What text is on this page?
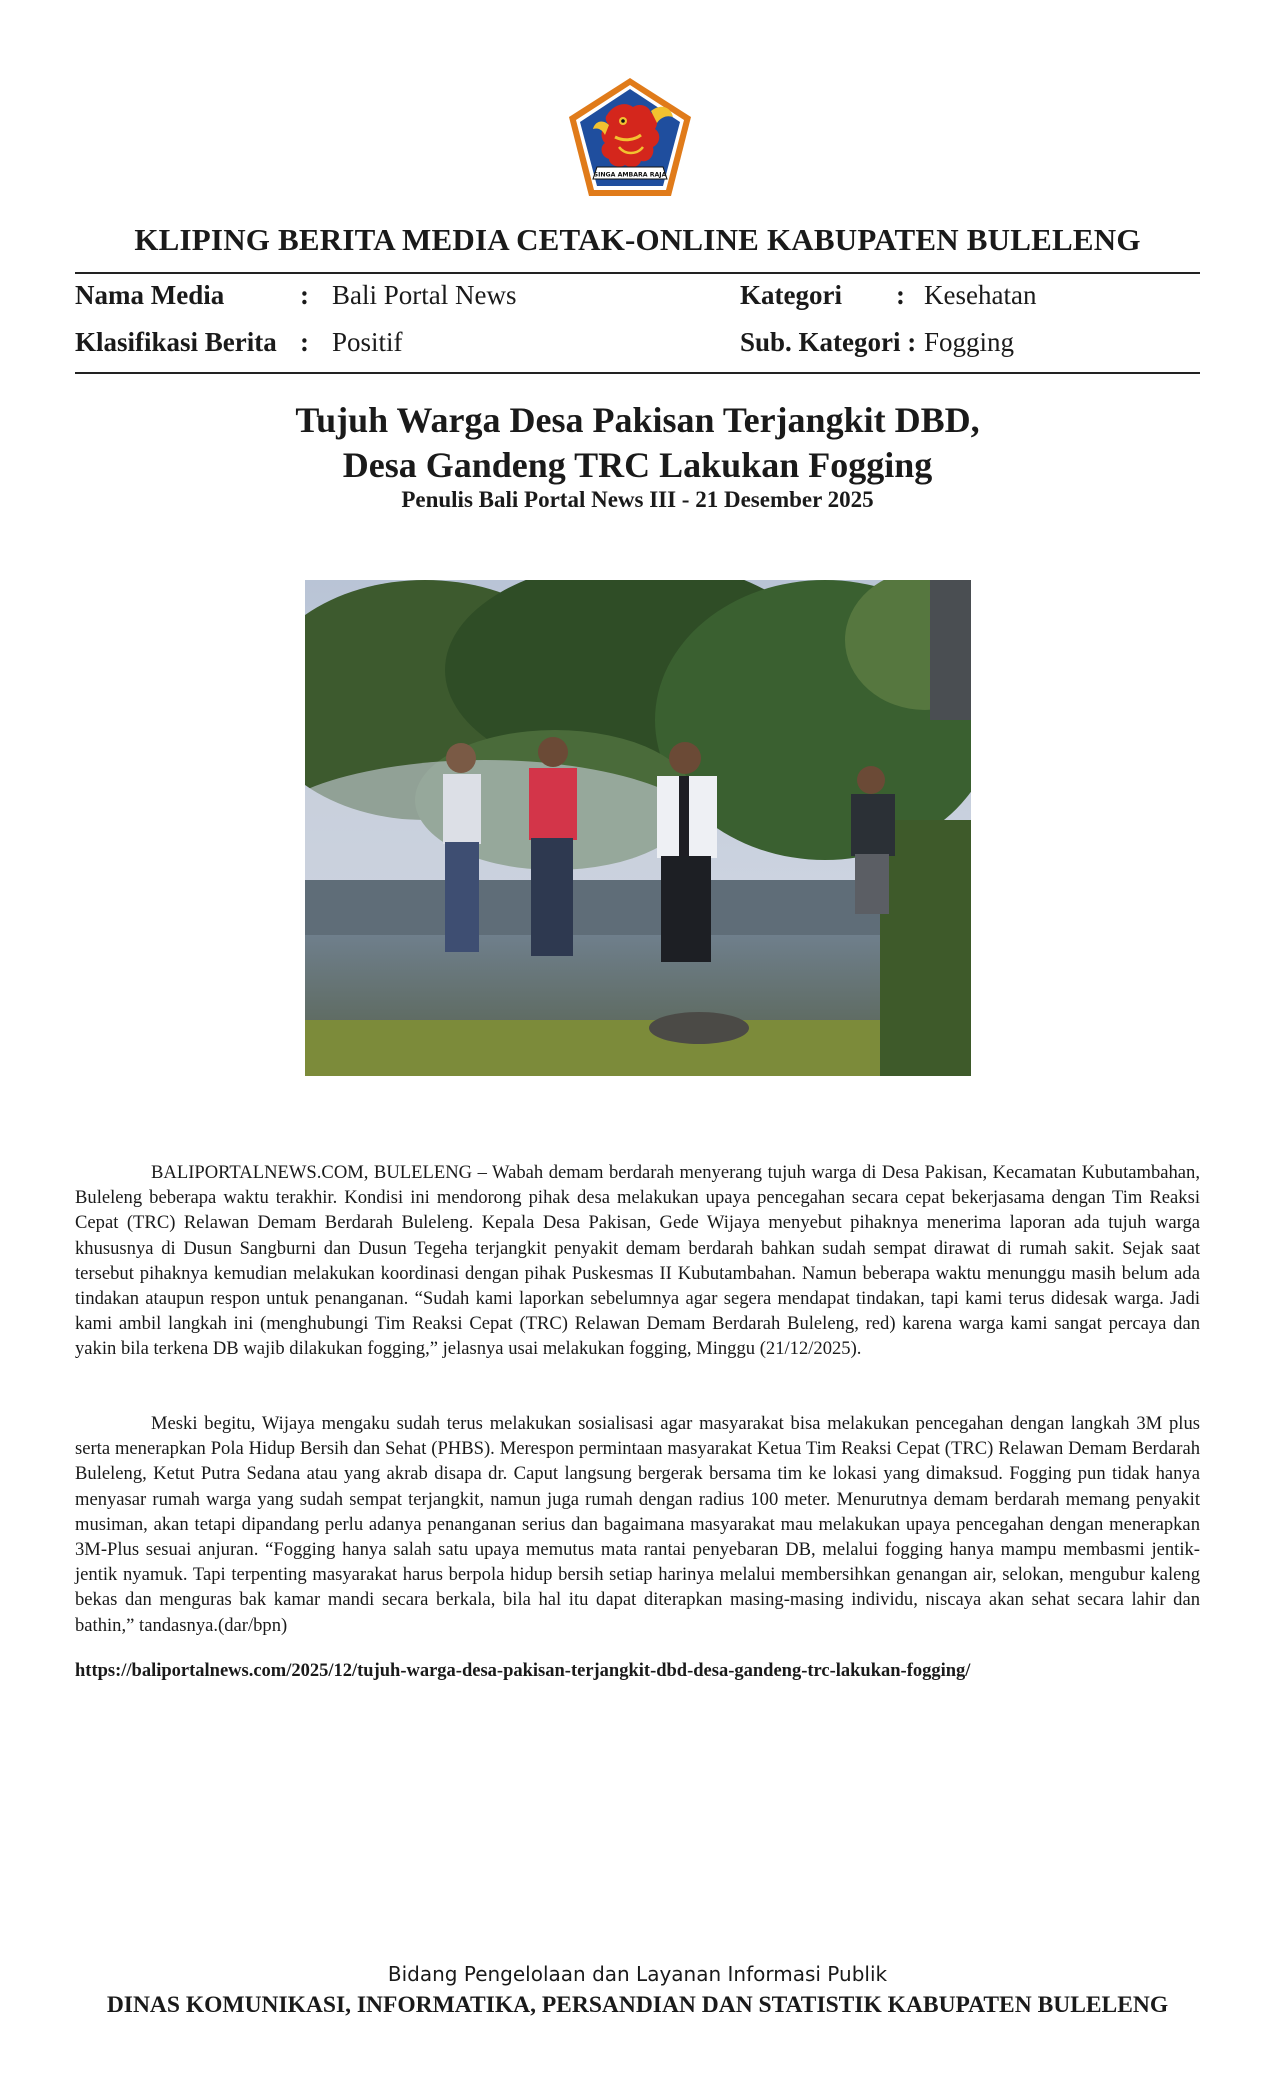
SINGA AMBARA RAJA
KLIPING BERITA MEDIA CETAK-ONLINE KABUPATEN BULELENG
Nama Media	: Bali Portal News	Kategori : Kesehatan
Klasifikasi Berita : Positif	Sub. Kategori : Fogging
Tujuh Warga Desa Pakisan Terjangkit DBD,
Desa Gandeng TRC Lakukan Fogging
Penulis Bali Portal News III - 21 Desember 2025

BALIPORTALNEWS.COM, BULELENG – Wabah demam berdarah menyerang tujuh warga di Desa Pakisan, Kecamatan Kubutambahan, Buleleng beberapa waktu terakhir. Kondisi ini mendorong pihak desa melakukan upaya pencegahan secara cepat bekerjasama dengan Tim Reaksi Cepat (TRC) Relawan Demam Berdarah Buleleng. Kepala Desa Pakisan, Gede Wijaya menyebut pihaknya menerima laporan ada tujuh warga khususnya di Dusun Sangburni dan Dusun Tegeha terjangkit penyakit demam berdarah bahkan sudah sempat dirawat di rumah sakit. Sejak saat tersebut pihaknya kemudian melakukan koordinasi dengan pihak Puskesmas II Kubutambahan. Namun beberapa waktu menunggu masih belum ada tindakan ataupun respon untuk penanganan. “Sudah kami laporkan sebelumnya agar segera mendapat tindakan, tapi kami terus didesak warga. Jadi kami ambil langkah ini (menghubungi Tim Reaksi Cepat (TRC) Relawan Demam Berdarah Buleleng, red) karena warga kami sangat percaya dan yakin bila terkena DB wajib dilakukan fogging,” jelasnya usai melakukan fogging, Minggu (21/12/2025).

Meski begitu, Wijaya mengaku sudah terus melakukan sosialisasi agar masyarakat bisa melakukan pencegahan dengan langkah 3M plus serta menerapkan Pola Hidup Bersih dan Sehat (PHBS). Merespon permintaan masyarakat Ketua Tim Reaksi Cepat (TRC) Relawan Demam Berdarah Buleleng, Ketut Putra Sedana atau yang akrab disapa dr. Caput langsung bergerak bersama tim ke lokasi yang dimaksud. Fogging pun tidak hanya menyasar rumah warga yang sudah sempat terjangkit, namun juga rumah dengan radius 100 meter. Menurutnya demam berdarah memang penyakit musiman, akan tetapi dipandang perlu adanya penanganan serius dan bagaimana masyarakat mau melakukan upaya pencegahan dengan menerapkan 3M-Plus sesuai anjuran. “Fogging hanya salah satu upaya memutus mata rantai penyebaran DB, melalui fogging hanya mampu membasmi jentik-jentik nyamuk. Tapi terpenting masyarakat harus berpola hidup bersih setiap harinya melalui membersihkan genangan air, selokan, mengubur kaleng bekas dan menguras bak kamar mandi secara berkala, bila hal itu dapat diterapkan masing-masing individu, niscaya akan sehat secara lahir dan bathin,” tandasnya.(dar/bpn)

https://baliportalnews.com/2025/12/tujuh-warga-desa-pakisan-terjangkit-dbd-desa-gandeng-trc-lakukan-fogging/
Bidang Pengelolaan dan Layanan Informasi Publik
DINAS KOMUNIKASI, INFORMATIKA, PERSANDIAN DAN STATISTIK KABUPATEN BULELENG
